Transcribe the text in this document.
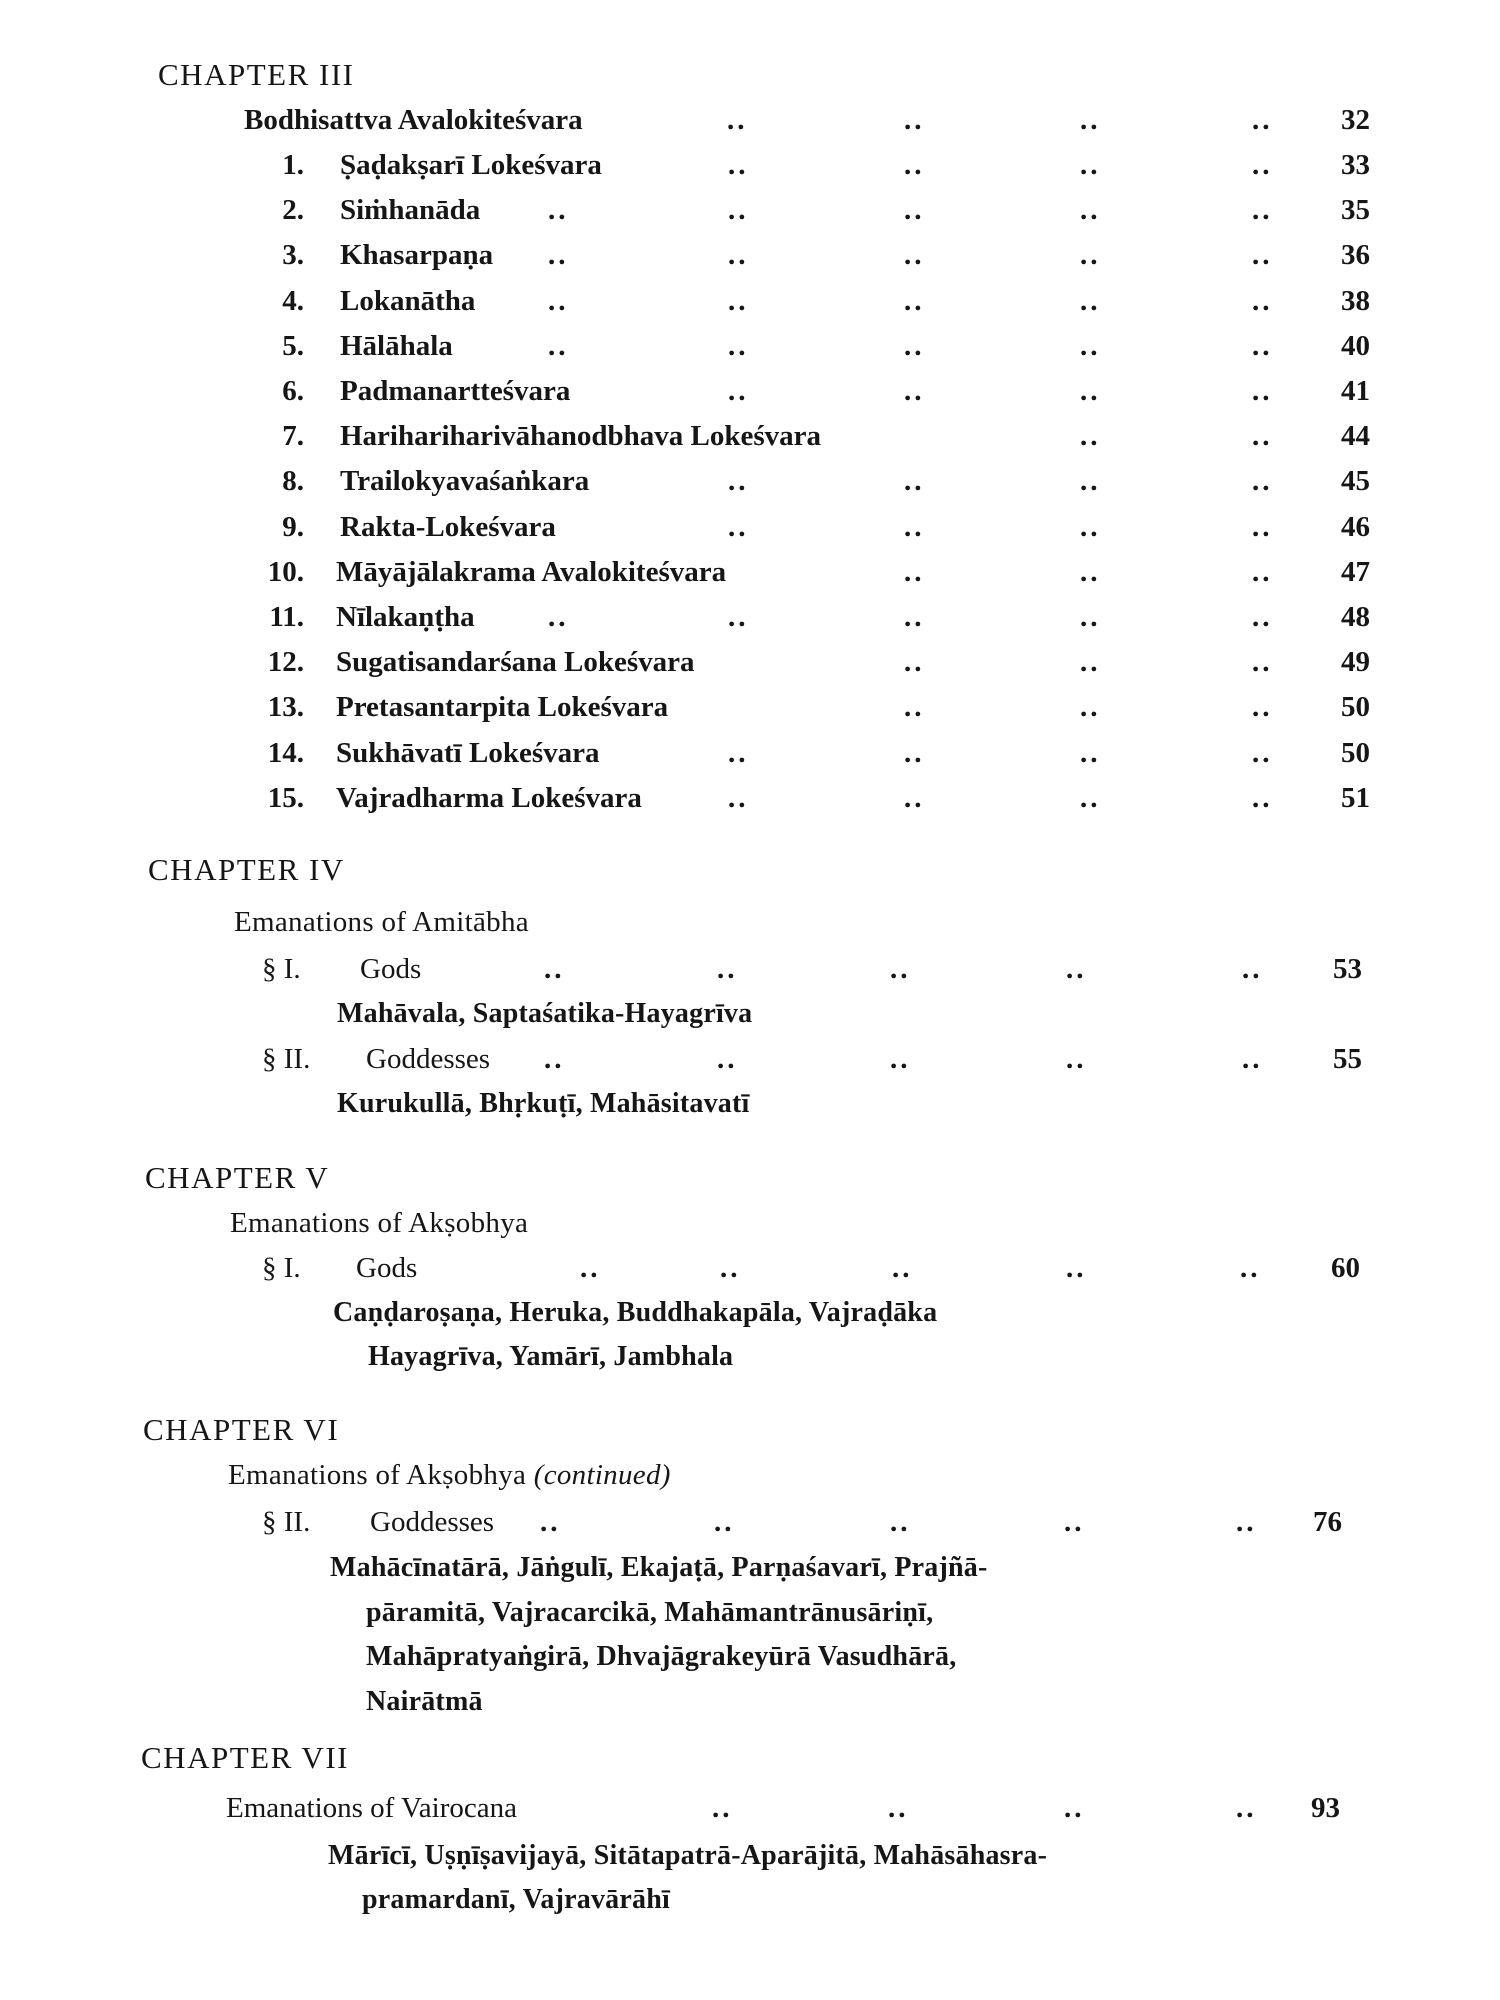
CHAPTER III
Bodhisattva Avalokiteśvara	..	..	..	.. 32
1. Ṣaḍakṣarī Lokeśvara	..	..	..	.. 33
2. Siṁhanāda ..	..	..	..	.. 35
3. Khasarpaṇa ..	..	..	..	.. 36
4. Lokanātha	..	..	..	..	.. 38
5. Hālāhala	..	..	..	..	.. 40
6. Padmanarttеśvara	..	..	..	.. 41
7. Harihariharivāhanodbhava Lokeśvara	..	.. 44
8. Trailokyavaśaṅkara	..	..	..	.. 45
9. Rakta-Lokeśvara	..	..	..	.. 46
10. Māyājālakrama Avalokiteśvara	..	..	.. 47
11. Nīlakaṇṭha	..	..	..	..	.. 48
12. Sugatisandarśana Lokeśvara	..	..	.. 49
13. Pretasantarpita Lokeśvara	..	..	.. 50
14. Sukhāvatī Lokeśvara	..	..	..	.. 50
15. Vajradharma Lokeśvara	..	..	..	.. 51
CHAPTER IV
Emanations of Amitābha
§ I. Gods	..	..	..	..	.. 53
Mahāvala, Saptaśatika-Hayagrīva
§ II. Goddesses ..	..	..	..	.. 55
Kurukullā, Bhṛkuṭī, Mahāsitavatī
CHAPTER V
Emanations of Akṣobhya
§ I. Gods	..	..	..	..	.. 60
Caṇḍaroṣaṇa, Heruka, Buddhakapāla, Vajraḍāka
Hayagrīva, Yamārī, Jambhala
CHAPTER VI
Emanations of Akṣobhya (continued)
§ II. Goddesses ..	..	..	..	.. 76
Mahācīnatārā, Jāṅgulī, Ekajaṭā, Parṇaśavarī, Prajñā-
pāramitā, Vajracarcikā, Mahāmantrānusāriṇī,
Mahāpratyaṅgirā, Dhvajāgrakeyūrā Vasudhārā,
Nairātmā
CHAPTER VII
Emanations of Vairocana	..	..	..	.. 93
Mārīcī, Uṣṇīṣavijayā, Sitātapatrā-Aparājitā, Mahāsāhasra-
pramardanī, Vajravārāhī
